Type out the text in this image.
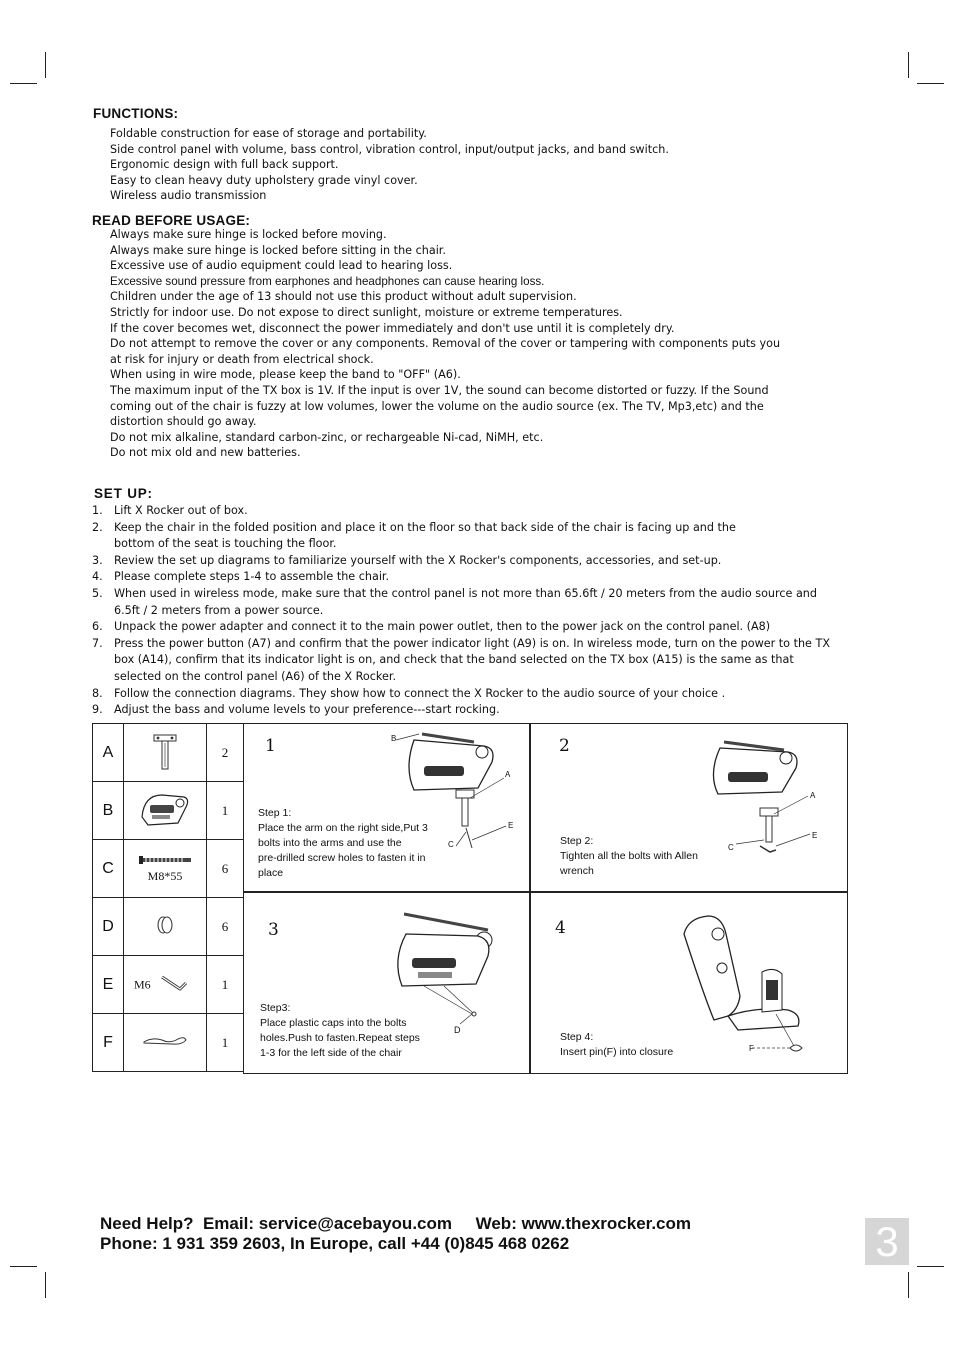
FUNCTIONS:
Foldable construction for ease of storage and portability.
Side control panel with volume, bass control, vibration control, input/output jacks, and band switch.
Ergonomic design with full back support.
Easy to clean heavy duty upholstery grade vinyl cover.
Wireless audio transmission
READ BEFORE USAGE:
Always make sure hinge is locked before moving.
Always make sure hinge is locked before sitting in the chair.
Excessive use of audio equipment could lead to hearing loss.
Excessive sound pressure from earphones and headphones can cause hearing loss.
Children under the age of 13 should not use this product without adult supervision.
Strictly for indoor use. Do not expose to direct sunlight, moisture or extreme temperatures.
If the cover becomes wet, disconnect the power immediately and don't use until it is completely dry.
Do not attempt to remove the cover or any components. Removal of the cover or tampering with components puts you
at risk for injury or death from electrical shock.
When using in wire mode, please keep the band to "OFF" (A6).
The maximum input of the TX box is 1V. If the input is over 1V, the sound can become distorted or fuzzy. If the Sound
coming out of the chair is fuzzy at low volumes, lower the volume on the audio source (ex. The TV, Mp3,etc) and the
distortion should go away.
Do not mix alkaline, standard carbon-zinc, or rechargeable Ni-cad, NiMH, etc.
Do not mix old and new batteries.
SET UP:
1. Lift X Rocker out of box.
2. Keep the chair in the folded position and place it on the floor so that back side of the chair is facing up and the bottom of the seat is touching the floor.
3. Review the set up diagrams to familiarize yourself with the X Rocker's components, accessories, and set-up.
4. Please complete steps 1-4 to assemble the chair.
5. When used in wireless mode, make sure that the control panel is not more than 65.6ft / 20 meters from the audio source and 6.5ft / 2 meters from a power source.
6. Unpack the power adapter and connect it to the main power outlet, then to the power jack on the control panel. (A8)
7. Press the power button (A7) and confirm that the power indicator light (A9) is on. In wireless mode, turn on the power to the TX box (A14), confirm that its indicator light is on, and check that the band selected on the TX box (A15) is the same as that selected on the control panel (A6) of the X Rocker.
8. Follow the connection diagrams. They show how to connect the X Rocker to the audio source of your choice .
9. Adjust the bass and volume levels to your preference---start rocking.
A		2
B		1
C	M8*55	6
D		6
E	M6	1
F		1
1	B
A
E
C
Step 1:
Place the arm on the right side,Put 3
bolts into the arms and use the
pre-drilled screw holes to fasten it in
place
2
A
E
C
Step 2:
Tighten all the bolts with Allen
wrench
3
D
Step3:
Place plastic caps into the bolts
holes.Push to fasten.Repeat steps
1-3 for the left side of the chair
4
F
Step 4:
Insert pin(F) into closure
Need Help?  Email: service@acebayou.com     Web: www.thexrocker.com
Phone: 1 931 359 2603, In Europe, call +44 (0)845 468 0262	3
